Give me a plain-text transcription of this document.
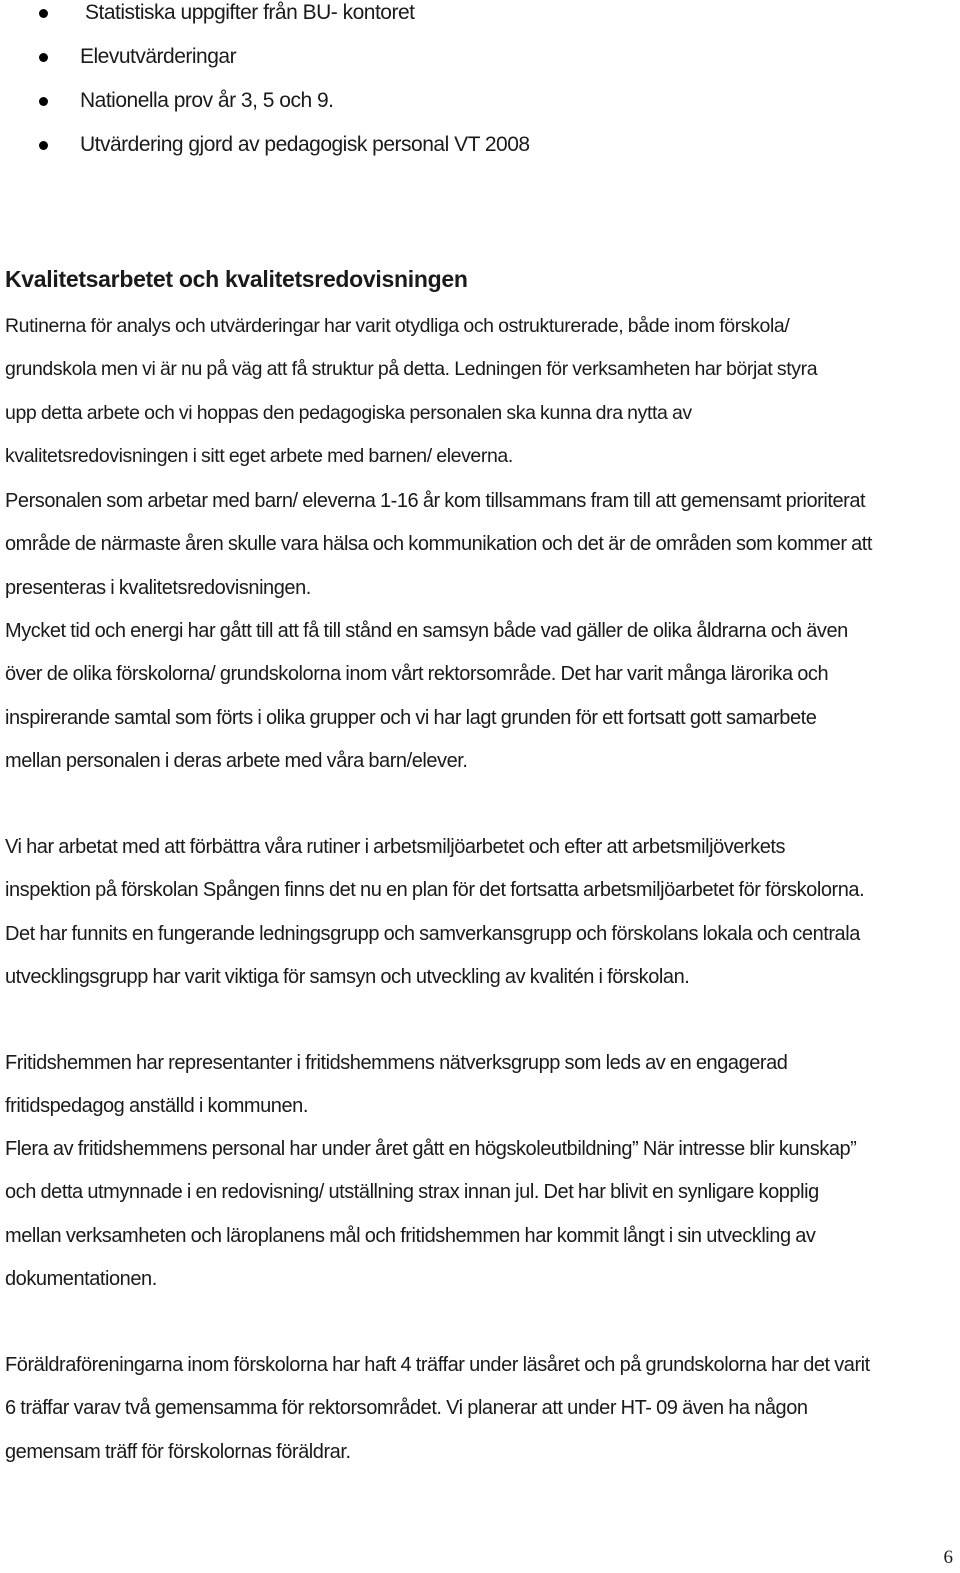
Statistiska uppgifter från BU- kontoret
Elevutvärderingar
Nationella prov år 3, 5 och 9.
Utvärdering gjord av pedagogisk personal VT 2008
Kvalitetsarbetet och kvalitetsredovisningen

Rutinerna för analys och utvärderingar har varit otydliga och ostrukturerade, både inom förskola/
grundskola men vi är nu på väg att få struktur på detta. Ledningen för verksamheten har börjat styra
upp detta arbete och vi hoppas den pedagogiska personalen ska kunna dra nytta av
kvalitetsredovisningen i sitt eget arbete med barnen/ eleverna.

Personalen som arbetar med barn/ eleverna 1-16 år kom tillsammans fram till att gemensamt prioriterat
område de närmaste åren skulle vara hälsa och kommunikation och det är de områden som kommer att
presenteras i kvalitetsredovisningen.

Mycket tid och energi har gått till att få till stånd en samsyn både vad gäller de olika åldrarna och även
över de olika förskolorna/ grundskolorna inom vårt rektorsområde. Det har varit många lärorika och
inspirerande samtal som förts i olika grupper och vi har lagt grunden för ett fortsatt gott samarbete
mellan personalen i deras arbete med våra barn/elever.

Vi har arbetat med att förbättra våra rutiner i arbetsmiljöarbetet och efter att arbetsmiljöverkets
inspektion på förskolan Spången finns det nu en plan för det fortsatta arbetsmiljöarbetet för förskolorna.
Det har funnits en fungerande ledningsgrupp och samverkansgrupp och förskolans lokala och centrala
utvecklingsgrupp har varit viktiga för samsyn och utveckling av kvalitén i förskolan.

Fritidshemmen har representanter i fritidshemmens nätverksgrupp som leds av en engagerad
fritidspedagog anställd i kommunen.

Flera av fritidshemmens personal har under året gått en högskoleutbildning” När intresse blir kunskap”
och detta utmynnade i en redovisning/ utställning strax innan jul. Det har blivit en synligare kopplig
mellan verksamheten och läroplanens mål och fritidshemmen har kommit långt i sin utveckling av
dokumentationen.

Föräldraföreningarna inom förskolorna har haft 4 träffar under läsåret och på grundskolorna har det varit
6 träffar varav två gemensamma för rektorsområdet. Vi planerar att under HT- 09 även ha någon
gemensam träff för förskolornas föräldrar.

6
